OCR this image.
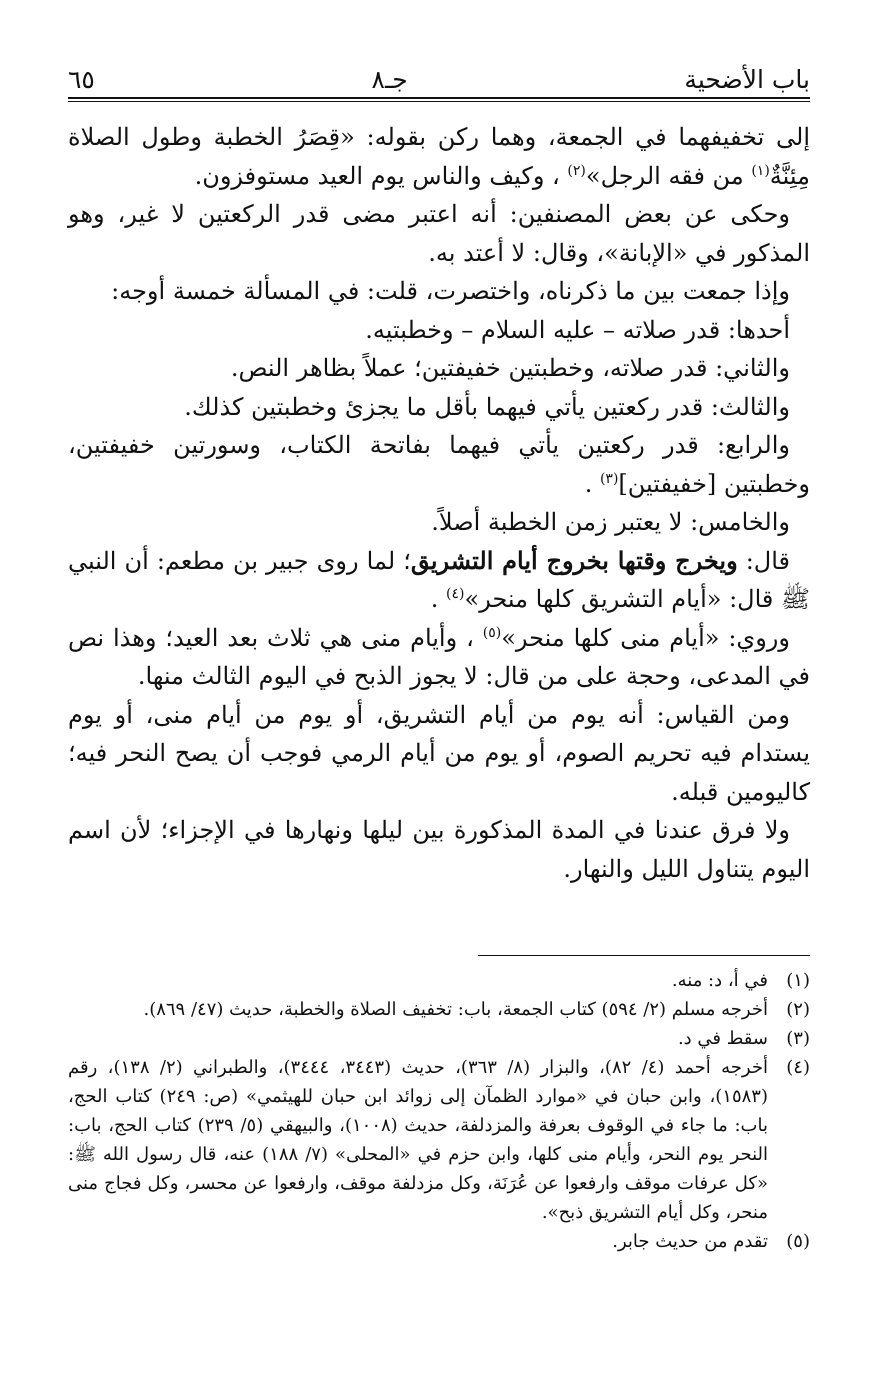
٦٥	جـ٨	باب الأضحية

إلى تخفيفهما في الجمعة، وهما ركن بقوله: «قِصَرُ الخطبة وطول الصلاة مِئِنَّةٌ$^{(١)}$ من فقه الرجل»$^{(٢)}$ ، وكيف والناس يوم العيد مستوفزون.

وحكى عن بعض المصنفين: أنه اعتبر مضى قدر الركعتين لا غير، وهو المذكور في «الإبانة»، وقال: لا أعتد به.

وإذا جمعت بين ما ذكرناه، واختصرت، قلت: في المسألة خمسة أوجه:

أحدها: قدر صلاته – عليه السلام – وخطبتيه.

والثاني: قدر صلاته، وخطبتين خفيفتين؛ عملاً بظاهر النص.

والثالث: قدر ركعتين يأتي فيهما بأقل ما يجزئ وخطبتين كذلك.

والرابع: قدر ركعتين يأتي فيهما بفاتحة الكتاب، وسورتين خفيفتين، وخطبتين [خفيفتين]$^{(٣)}$ .

والخامس: لا يعتبر زمن الخطبة أصلاً.

قال: ويخرج وقتها بخروج أيام التشريق؛ لما روى جبير بن مطعم: أن النبي ﷺ قال: «أيام التشريق كلها منحر»$^{(٤)}$ .

وروي: «أيام منى كلها منحر»$^{(٥)}$ ، وأيام منى هي ثلاث بعد العيد؛ وهذا نص في المدعى، وحجة على من قال: لا يجوز الذبح في اليوم الثالث منها.

ومن القياس: أنه يوم من أيام التشريق، أو يوم من أيام منى، أو يوم يستدام فيه تحريم الصوم، أو يوم من أيام الرمي فوجب أن يصح النحر فيه؛ كاليومين قبله.

ولا فرق عندنا في المدة المذكورة بين ليلها ونهارها في الإجزاء؛ لأن اسم اليوم يتناول الليل والنهار.

(١)
في أ، د: منه.
(٢)
أخرجه مسلم (٢/ ٥٩٤) كتاب الجمعة، باب: تخفيف الصلاة والخطبة، حديث (٤٧/ ٨٦٩).
(٣)
سقط في د.
(٤)
أخرجه أحمد (٤/ ٨٢)، والبزار (٨/ ٣٦٣)، حديث (٣٤٤٣، ٣٤٤٤)، والطبراني (٢/ ١٣٨)، رقم (١٥٨٣)، وابن حبان في «موارد الظمآن إلى زوائد ابن حبان للهيثمي» (ص: ٢٤٩) كتاب الحج، باب: ما جاء في الوقوف بعرفة والمزدلفة، حديث (١٠٠٨)، والبيهقي (٥/ ٢٣٩) كتاب الحج، باب: النحر يوم النحر، وأيام منى كلها، وابن حزم في «المحلى» (٧/ ١٨٨) عنه، قال رسول الله ﷺ: «كل عرفات موقف وارفعوا عن عُرَنَة، وكل مزدلفة موقف، وارفعوا عن محسر، وكل فجاج منى منحر، وكل أيام التشريق ذبح».
(٥)
تقدم من حديث جابر.
